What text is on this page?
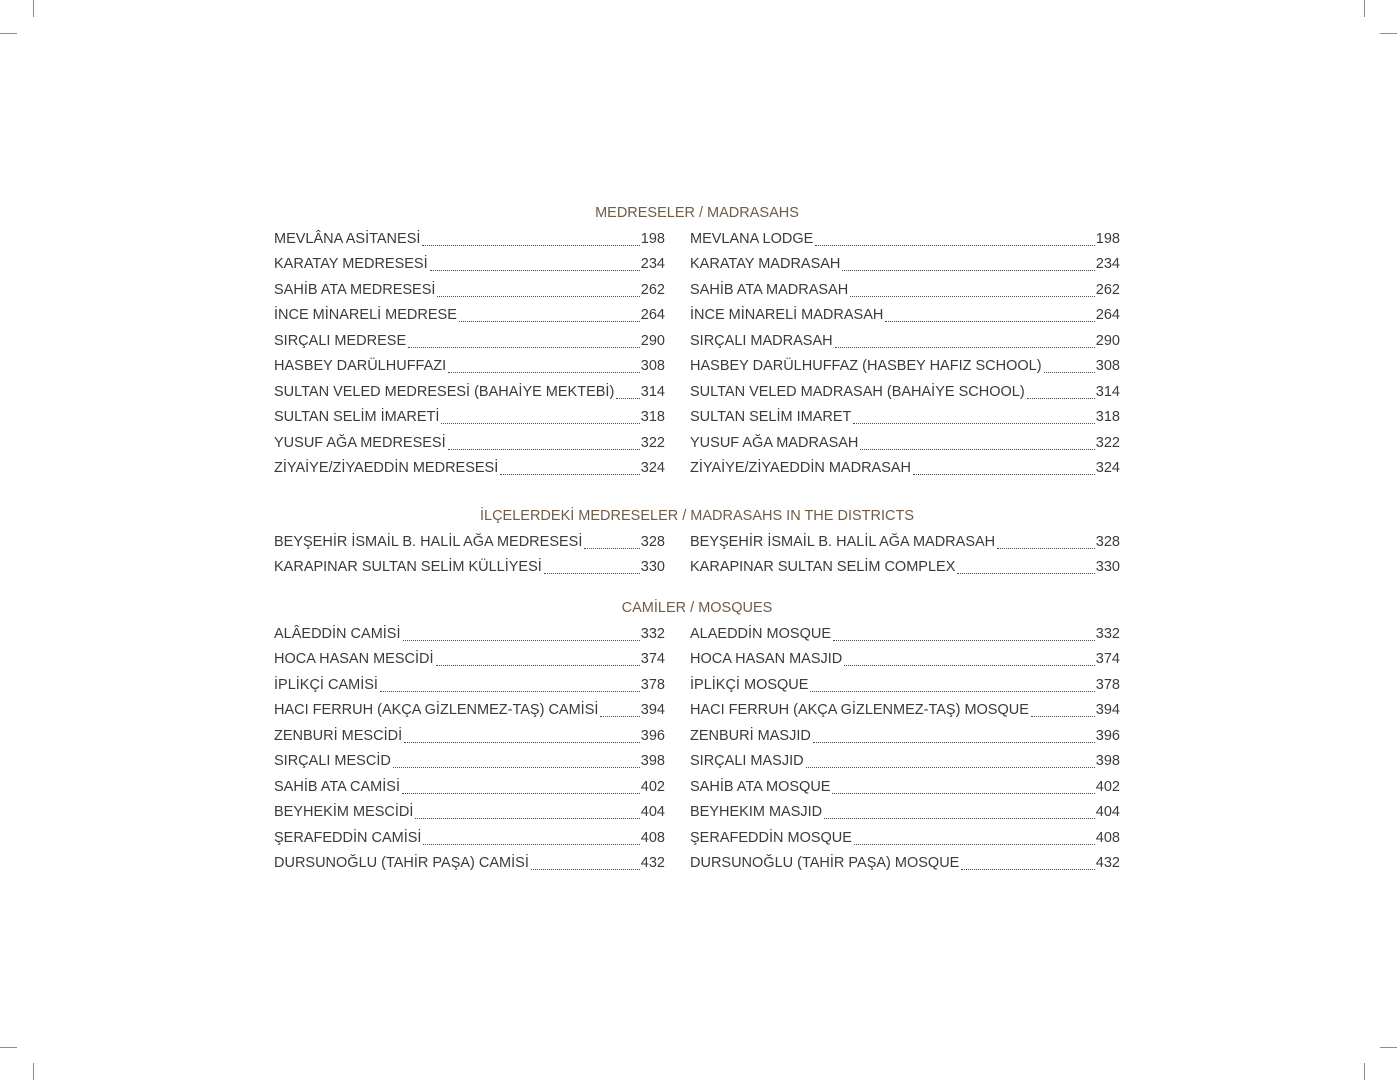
MEDRESELER / MADRASAHS
MEVLÂNA ASİTANESİ	198
KARATAY MEDRESESİ	234
SAHİB ATA MEDRESESİ	262
İNCE MİNARELİ MEDRESE	264
SIRÇALI MEDRESE	290
HASBEY DARÜLHUFFAZI	308
SULTAN VELED MEDRESESİ (BAHAİYE MEKTEBİ) 314
SULTAN SELİM İMARETİ	318
YUSUF AĞA MEDRESESİ	322
ZİYAİYE/ZİYAEDDİN MEDRESESİ	324
MEVLANA LODGE	198
KARATAY MADRASAH	234
SAHİB ATA MADRASAH	262
İNCE MİNARELİ MADRASAH	264
SIRÇALI MADRASAH	290
HASBEY DARÜLHUFFAZ (HASBEY HAFIZ SCHOOL)	308
SULTAN VELED MADRASAH (BAHAİYE SCHOOL)	314
SULTAN SELİM IMARET	318
YUSUF AĞA MADRASAH	322
ZİYAİYE/ZİYAEDDİN MADRASAH	324
İLÇELERDEKİ MEDRESELER / MADRASAHS IN THE DISTRICTS
BEYŞEHİR İSMAİL B. HALİL AĞA MEDRESESİ	328
KARAPINAR SULTAN SELİM KÜLLİYESİ	330
BEYŞEHİR İSMAİL B. HALİL AĞA MADRASAH	328
KARAPINAR SULTAN SELİM COMPLEX	330
CAMİLER / MOSQUES
ALÂEDDİN CAMİSİ	332
HOCA HASAN MESCİDİ	374
İPLİKÇİ CAMİSİ	378
HACI FERRUH (AKÇA GİZLENMEZ-TAŞ) CAMİSİ	394
ZENBURİ MESCİDİ	396
SIRÇALI MESCİD	398
SAHİB ATA CAMİSİ	402
BEYHEKİM MESCİDİ	404
ŞERAFEDDİN CAMİSİ	408
DURSUNOĞLU (TAHİR PAŞA) CAMİSİ	432
ALAEDDİN MOSQUE	332
HOCA HASAN MASJID	374
İPLİKÇİ MOSQUE	378
HACI FERRUH (AKÇA GİZLENMEZ-TAŞ) MOSQUE	394
ZENBURİ MASJID	396
SIRÇALI MASJID	398
SAHİB ATA MOSQUE	402
BEYHEKIM MASJID	404
ŞERAFEDDİN MOSQUE	408
DURSUNOĞLU (TAHİR PAŞA) MOSQUE	432
